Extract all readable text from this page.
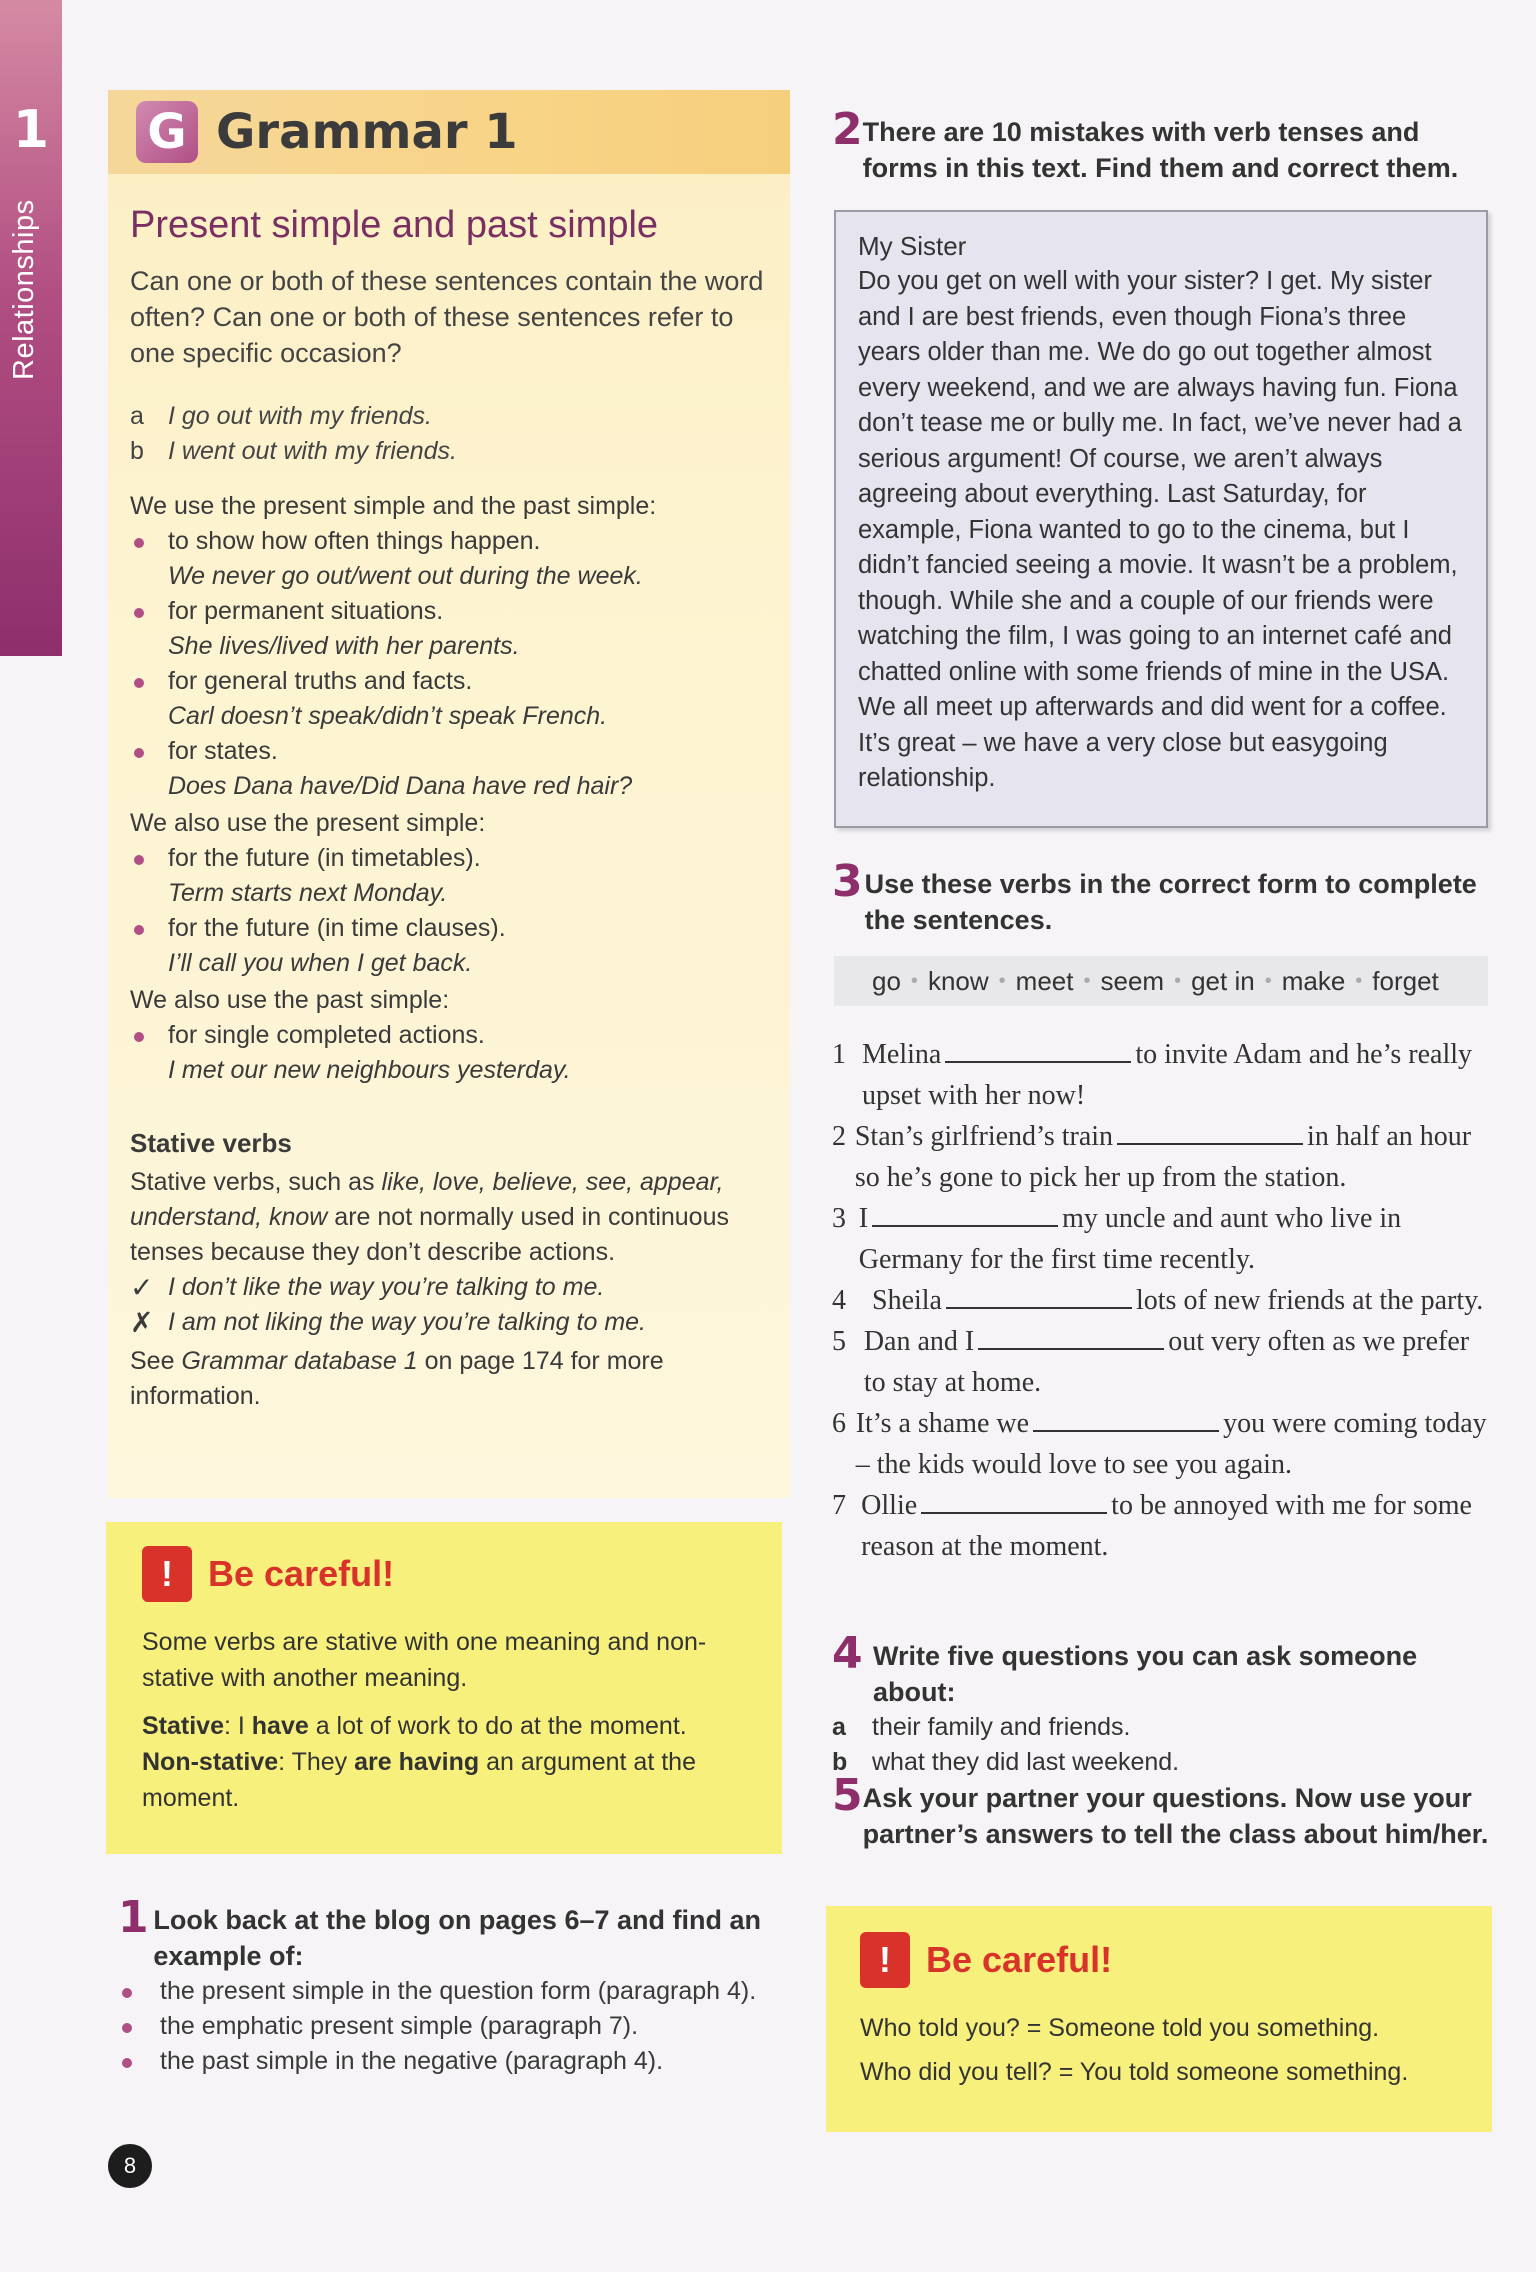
1
Relationships
G Grammar 1
Present simple and past simple
Can one or both of these sentences contain the word often? Can one or both of these sentences refer to one specific occasion?
a I go out with my friends.
b I went out with my friends.
We use the present simple and the past simple:
to show how often things happen.
We never go out/went out during the week.
for permanent situations.
She lives/lived with her parents.
for general truths and facts.
Carl doesn’t speak/didn’t speak French.
for states.
Does Dana have/Did Dana have red hair?
We also use the present simple:
for the future (in timetables).
Term starts next Monday.
for the future (in time clauses).
I’ll call you when I get back.
We also use the past simple:
for single completed actions.
I met our new neighbours yesterday.
Stative verbs
Stative verbs, such as like, love, believe, see, appear, understand, know are not normally used in continuous tenses because they don’t describe actions.
✓ I don’t like the way you’re talking to me.
✗ I am not liking the way you’re talking to me.
See Grammar database 1 on page 174 for more information.
! Be careful!
Some verbs are stative with one meaning and non-stative with another meaning.
Stative: I have a lot of work to do at the moment.
Non-stative: They are having an argument at the moment.
1 Look back at the blog on pages 6–7 and find an example of:
the present simple in the question form (paragraph 4).
the emphatic present simple (paragraph 7).
the past simple in the negative (paragraph 4).
8
2 There are 10 mistakes with verb tenses and forms in this text. Find them and correct them.
My Sister
Do you get on well with your sister? I get. My sister and I are best friends, even though Fiona’s three years older than me. We do go out together almost every weekend, and we are always having fun. Fiona don’t tease me or bully me. In fact, we’ve never had a serious argument! Of course, we aren’t always agreeing about everything. Last Saturday, for example, Fiona wanted to go to the cinema, but I didn’t fancied seeing a movie. It wasn’t be a problem, though. While she and a couple of our friends were watching the film, I was going to an internet café and chatted online with some friends of mine in the USA. We all meet up afterwards and did went for a coffee. It’s great – we have a very close but easygoing relationship.
3 Use these verbs in the correct form to complete the sentences.
go • know • meet • seem • get in • make • forget
1 Melina	to invite Adam and he’s really upset with her now!
2 Stan’s girlfriend’s train	in half an hour so he’s gone to pick her up from the station.
3 I	my uncle and aunt who live in Germany for the first time recently.
4 Sheila	lots of new friends at the party.
5 Dan and I	out very often as we prefer to stay at home.
6 It’s a shame we	you were coming today – the kids would love to see you again.
7 Ollie	to be annoyed with me for some reason at the moment.
4 Write five questions you can ask someone about:
a	their family and friends.
b what they did last weekend.
5 Ask your partner your questions. Now use your partner’s answers to tell the class about him/her.
! Be careful!
Who told you? = Someone told you something.
Who did you tell? = You told someone something.
